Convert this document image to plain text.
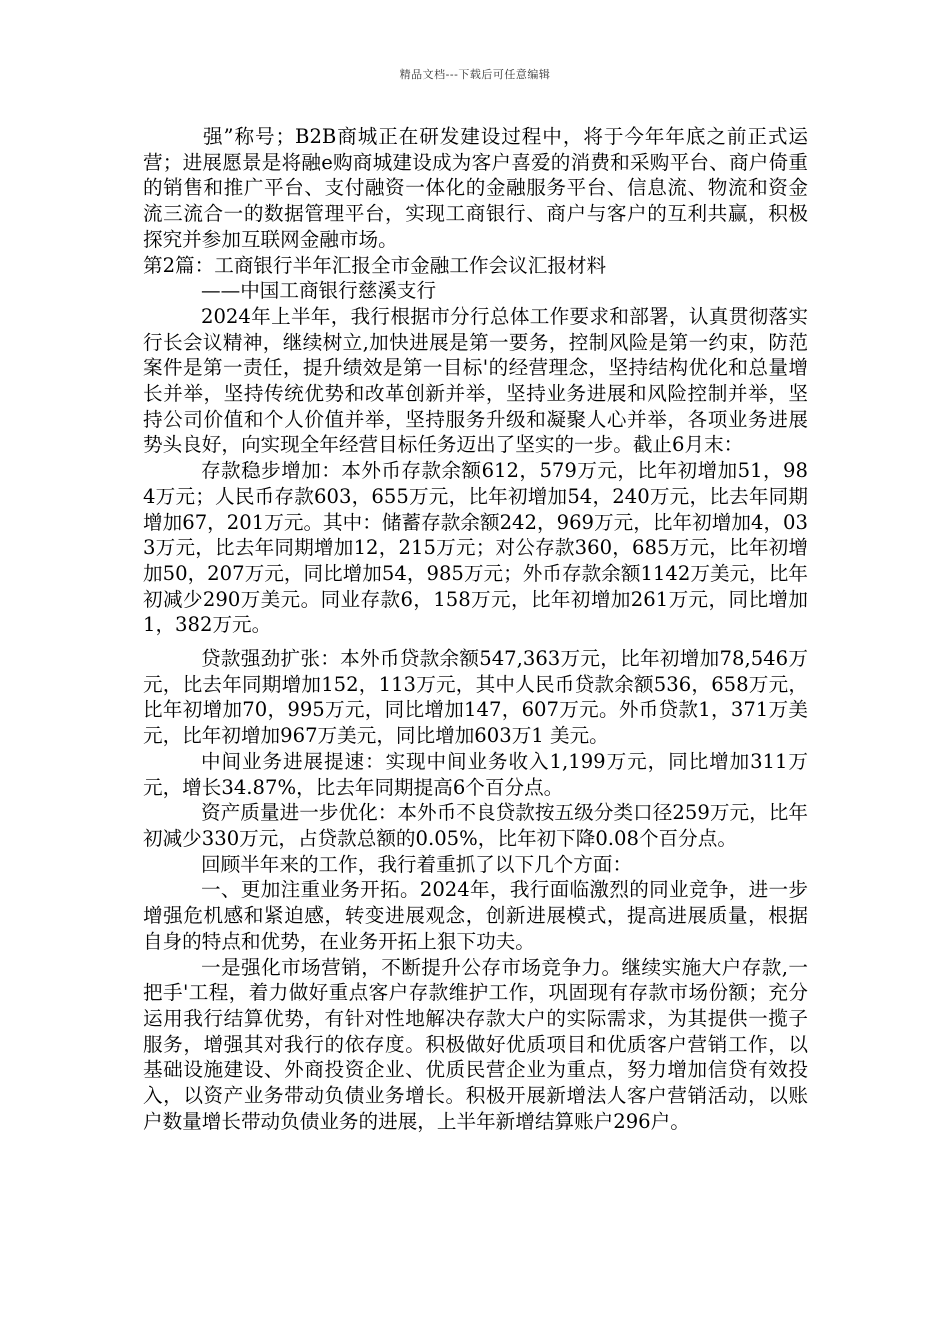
精品文档---下载后可任意编辑

强”称号；B2B商城正在研发建设过程中，将于今年年底之前正式运营；进展愿景是将融e购商城建设成为客户喜爱的消费和采购平台、商户倚重的销售和推广平台、支付融资一体化的金融服务平台、信息流、物流和资金流三流合一的数据管理平台，实现工商银行、商户与客户的互利共赢，积极探究并参加互联网金融市场。

第2篇：工商银行半年汇报全市金融工作会议汇报材料

——中国工商银行慈溪支行

2024年上半年，我行根据市分行总体工作要求和部署，认真贯彻落实行长会议精神，继续树立,加快进展是第一要务，控制风险是第一约束，防范案件是第一责任，提升绩效是第一目标'的经营理念，坚持结构优化和总量增长并举，坚持传统优势和改革创新并举，坚持业务进展和风险控制并举，坚持公司价值和个人价值并举，坚持服务升级和凝聚人心并举，各项业务进展势头良好，向实现全年经营目标任务迈出了坚实的一步。截止6月末：

存款稳步增加：本外币存款余额612，579万元，比年初增加51，984万元；人民币存款603，655万元，比年初增加54，240万元，比去年同期增加67，201万元。其中：储蓄存款余额242，969万元，比年初增加4，033万元，比去年同期增加12，215万元；对公存款360，685万元，比年初增加50，207万元，同比增加54，985万元；外币存款余额1142万美元，比年初减少290万美元。同业存款6，158万元，比年初增加261万元，同比增加1，382万元。

贷款强劲扩张：本外币贷款余额547,363万元，比年初增加78,546万元，比去年同期增加152，113万元，其中人民币贷款余额536，658万元，比年初增加70，995万元，同比增加147，607万元。外币贷款1，371万美元，比年初增加967万美元，同比增加603万1 美元。

中间业务进展提速：实现中间业务收入1,199万元，同比增加311万元，增长34.87%，比去年同期提高6个百分点。

资产质量进一步优化：本外币不良贷款按五级分类口径259万元，比年初减少330万元，占贷款总额的0.05%，比年初下降0.08个百分点。

回顾半年来的工作，我行着重抓了以下几个方面：

一、更加注重业务开拓。2024年，我行面临激烈的同业竞争，进一步增强危机感和紧迫感，转变进展观念，创新进展模式，提高进展质量，根据自身的特点和优势，在业务开拓上狠下功夫。

一是强化市场营销，不断提升公存市场竞争力。继续实施大户存款,一把手'工程，着力做好重点客户存款维护工作，巩固现有存款市场份额；充分运用我行结算优势，有针对性地解决存款大户的实际需求，为其提供一揽子服务，增强其对我行的依存度。积极做好优质项目和优质客户营销工作，以基础设施建设、外商投资企业、优质民营企业为重点，努力增加信贷有效投入，以资产业务带动负债业务增长。积极开展新增法人客户营销活动，以账户数量增长带动负债业务的进展，上半年新增结算账户296户。
